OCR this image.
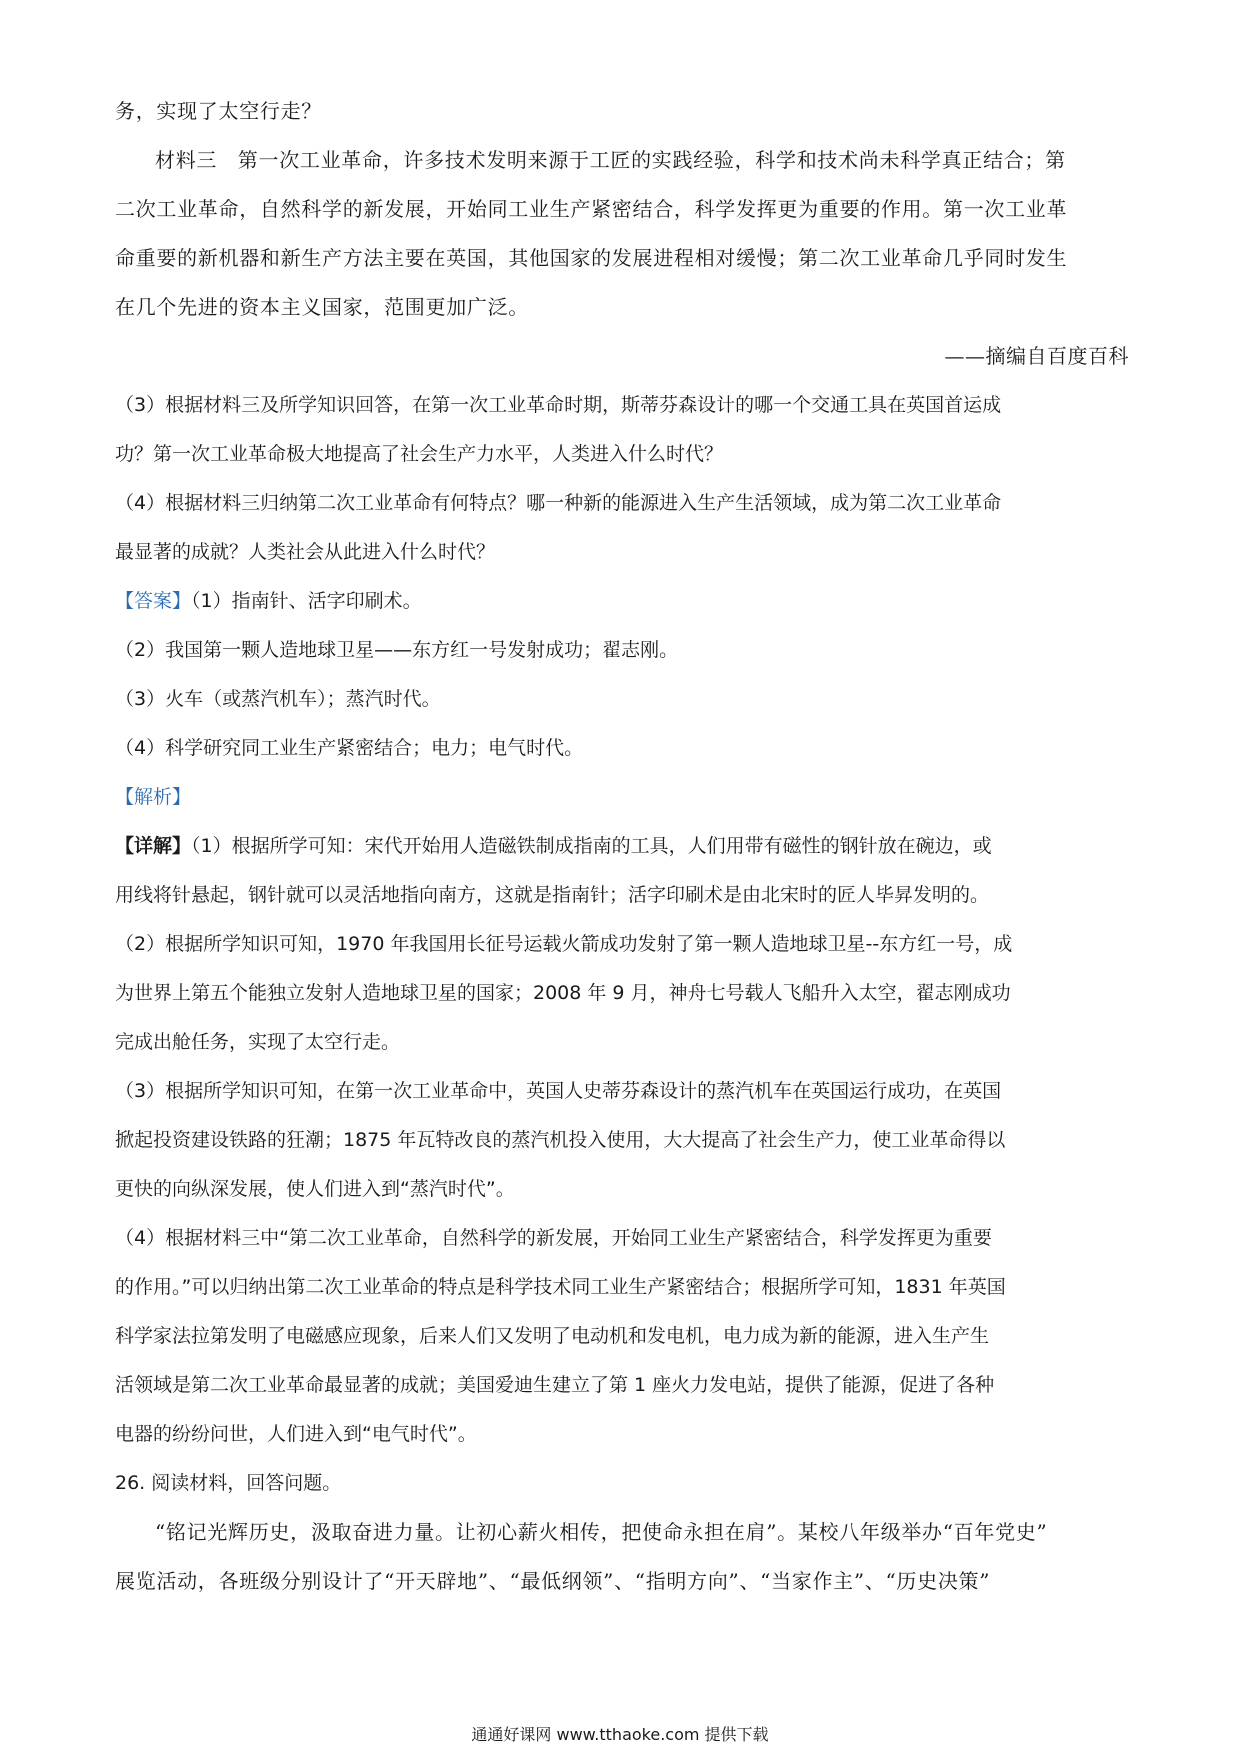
务，实现了太空行走？
材料三　第一次工业革命，许多技术发明来源于工匠的实践经验，科学和技术尚未科学真正结合；第
二次工业革命，自然科学的新发展，开始同工业生产紧密结合，科学发挥更为重要的作用。第一次工业革
命重要的新机器和新生产方法主要在英国，其他国家的发展进程相对缓慢；第二次工业革命几乎同时发生
在几个先进的资本主义国家，范围更加广泛。
——摘编自百度百科
（3）根据材料三及所学知识回答，在第一次工业革命时期，斯蒂芬森设计的哪一个交通工具在英国首运成
功？第一次工业革命极大地提高了社会生产力水平，人类进入什么时代？
（4）根据材料三归纳第二次工业革命有何特点？哪一种新的能源进入生产生活领域，成为第二次工业革命
最显著的成就？人类社会从此进入什么时代？
【答案】（1）指南针、活字印刷术。
（2）我国第一颗人造地球卫星——东方红一号发射成功；翟志刚。
（3）火车（或蒸汽机车）；蒸汽时代。
（4）科学研究同工业生产紧密结合；电力；电气时代。
【解析】
【详解】（1）根据所学可知：宋代开始用人造磁铁制成指南的工具，人们用带有磁性的钢针放在碗边，或
用线将针悬起，钢针就可以灵活地指向南方，这就是指南针；活字印刷术是由北宋时的匠人毕昇发明的。
（2）根据所学知识可知，1970 年我国用长征号运载火箭成功发射了第一颗人造地球卫星--东方红一号，成
为世界上第五个能独立发射人造地球卫星的国家；2008 年 9 月，神舟七号载人飞船升入太空，翟志刚成功
完成出舱任务，实现了太空行走。
（3）根据所学知识可知，在第一次工业革命中，英国人史蒂芬森设计的蒸汽机车在英国运行成功，在英国
掀起投资建设铁路的狂潮；1875 年瓦特改良的蒸汽机投入使用，大大提高了社会生产力，使工业革命得以
更快的向纵深发展，使人们进入到“蒸汽时代”。
（4）根据材料三中“第二次工业革命，自然科学的新发展，开始同工业生产紧密结合，科学发挥更为重要
的作用。”可以归纳出第二次工业革命的特点是科学技术同工业生产紧密结合；根据所学可知，1831 年英国
科学家法拉第发明了电磁感应现象，后来人们又发明了电动机和发电机，电力成为新的能源，进入生产生
活领域是第二次工业革命最显著的成就；美国爱迪生建立了第 1 座火力发电站，提供了能源，促进了各种
电器的纷纷问世，人们进入到“电气时代”。
26. 阅读材料，回答问题。
“铭记光辉历史，汲取奋进力量。让初心薪火相传，把使命永担在肩”。某校八年级举办“百年党史”
展览活动，各班级分别设计了“开天辟地”、“最低纲领”、“指明方向”、“当家作主”、“历史决策”
通通好课网 www.tthaoke.com 提供下载
